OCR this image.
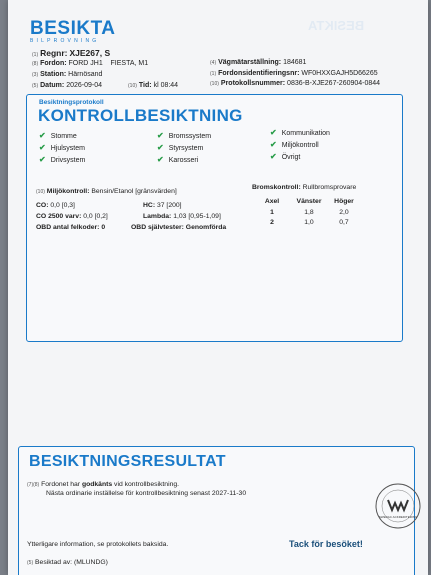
BESIKTA
BESIKTA
BILPROVNING
(1) Regnr: XJE267, S
(8) Fordon: FORD JH1    FIESTA, M1
(3) Station: Härnösand
(5) Datum: 2026-09-04	(10) Tid: kl 08:44
(4) Vägmätarställning: 184681
(1) Fordonsidentifieringsnr: WF0HXXGAJH5D66265
(10) Protokollsnummer: 0836-B-XJE267-260904-0844
Besiktningsprotokoll
KONTROLLBESIKTNING
✔ Stomme
✔ Hjulsystem
✔ Drivsystem
✔ Bromssystem
✔ Styrsystem
✔ Karosseri
✔ Kommunikation
✔ Miljökontroll
✔ Övrigt
(10) Miljökontroll: Bensin/Etanol [gränsvärden]
CO: 0,0 [0,3]
CO 2500 varv: 0,0 [0,2]
OBD antal felkoder: 0
HC: 37 [200]
Lambda: 1,03 [0,95-1,09]
OBD självtester: Genomförda
Bromskontroll: Rullbromsprovare
Axel	Vänster	Höger
1	1,8	2,0
2	1,0	0,7
BESIKTNINGSRESULTAT
(7)(8) Fordonet har godkänts vid kontrollbesiktning.
Nästa ordinarie inställelse för kontrollbesiktning senast 2027-11-30
SWEDAC ACKREDITERING
Ytterligare information, se protokollets baksida.	Tack för besöket!
(5) Besiktad av: (MLUNDG)
